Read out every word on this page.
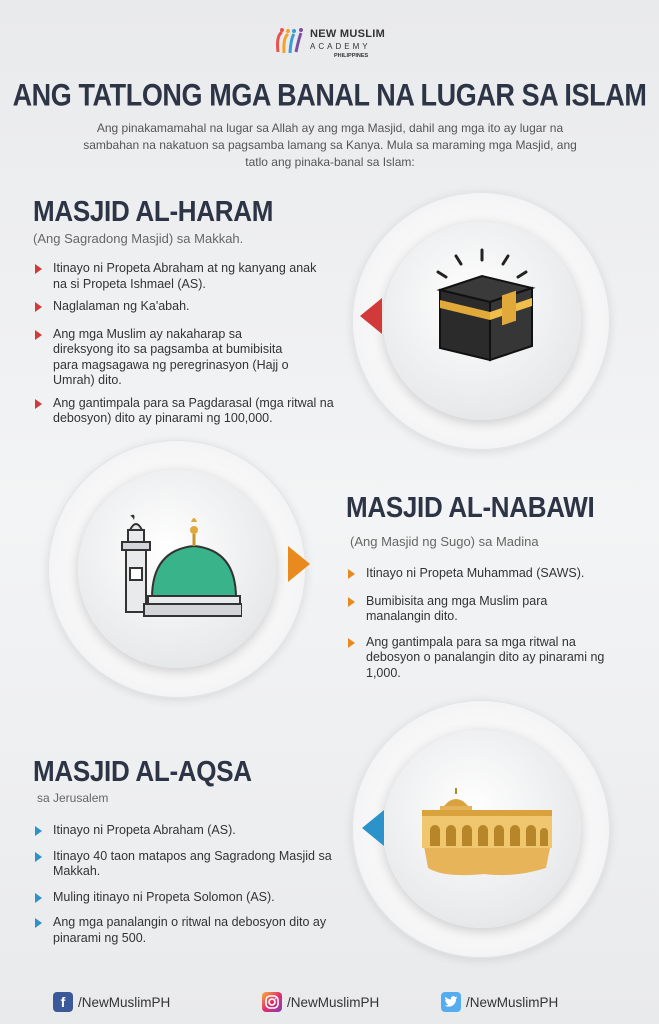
NEW MUSLIM
ACADEMY
PHILIPPINES
ANG TATLONG MGA BANAL NA LUGAR SA ISLAM
Ang pinakamamahal na lugar sa Allah ay ang mga Masjid, dahil ang mga ito ay lugar na sambahan na nakatuon sa pagsamba lamang sa Kanya. Mula sa maraming mga Masjid, ang tatlo ang pinaka-banal sa Islam:
MASJID AL-HARAM
(Ang Sagradong Masjid) sa Makkah.
Itinayo ni Propeta Abraham at ng kanyang anak na si Propeta Ishmael (AS).
Naglalaman ng Ka'abah.
Ang mga Muslim ay nakaharap sa direksyong ito sa pagsamba at bumibisita para magsagawa ng peregrinasyon (Hajj o Umrah) dito.
Ang gantimpala para sa Pagdarasal (mga ritwal na debosyon) dito ay pinarami ng 100,000.
MASJID AL-NABAWI
(Ang Masjid ng Sugo) sa Madina
Itinayo ni Propeta Muhammad (SAWS).
Bumibisita ang mga Muslim para manalangin dito.
Ang gantimpala para sa mga ritwal na debosyon o panalangin dito ay pinarami ng 1,000.
MASJID AL-AQSA
sa Jerusalem
Itinayo ni Propeta Abraham (AS).
Itinayo 40 taon matapos ang Sagradong Masjid sa Makkah.
Muling itinayo ni Propeta Solomon (AS).
Ang mga panalangin o ritwal na debosyon dito ay pinarami ng 500.
f /NewMuslimPH	/NewMuslimPH	/NewMuslimPH
